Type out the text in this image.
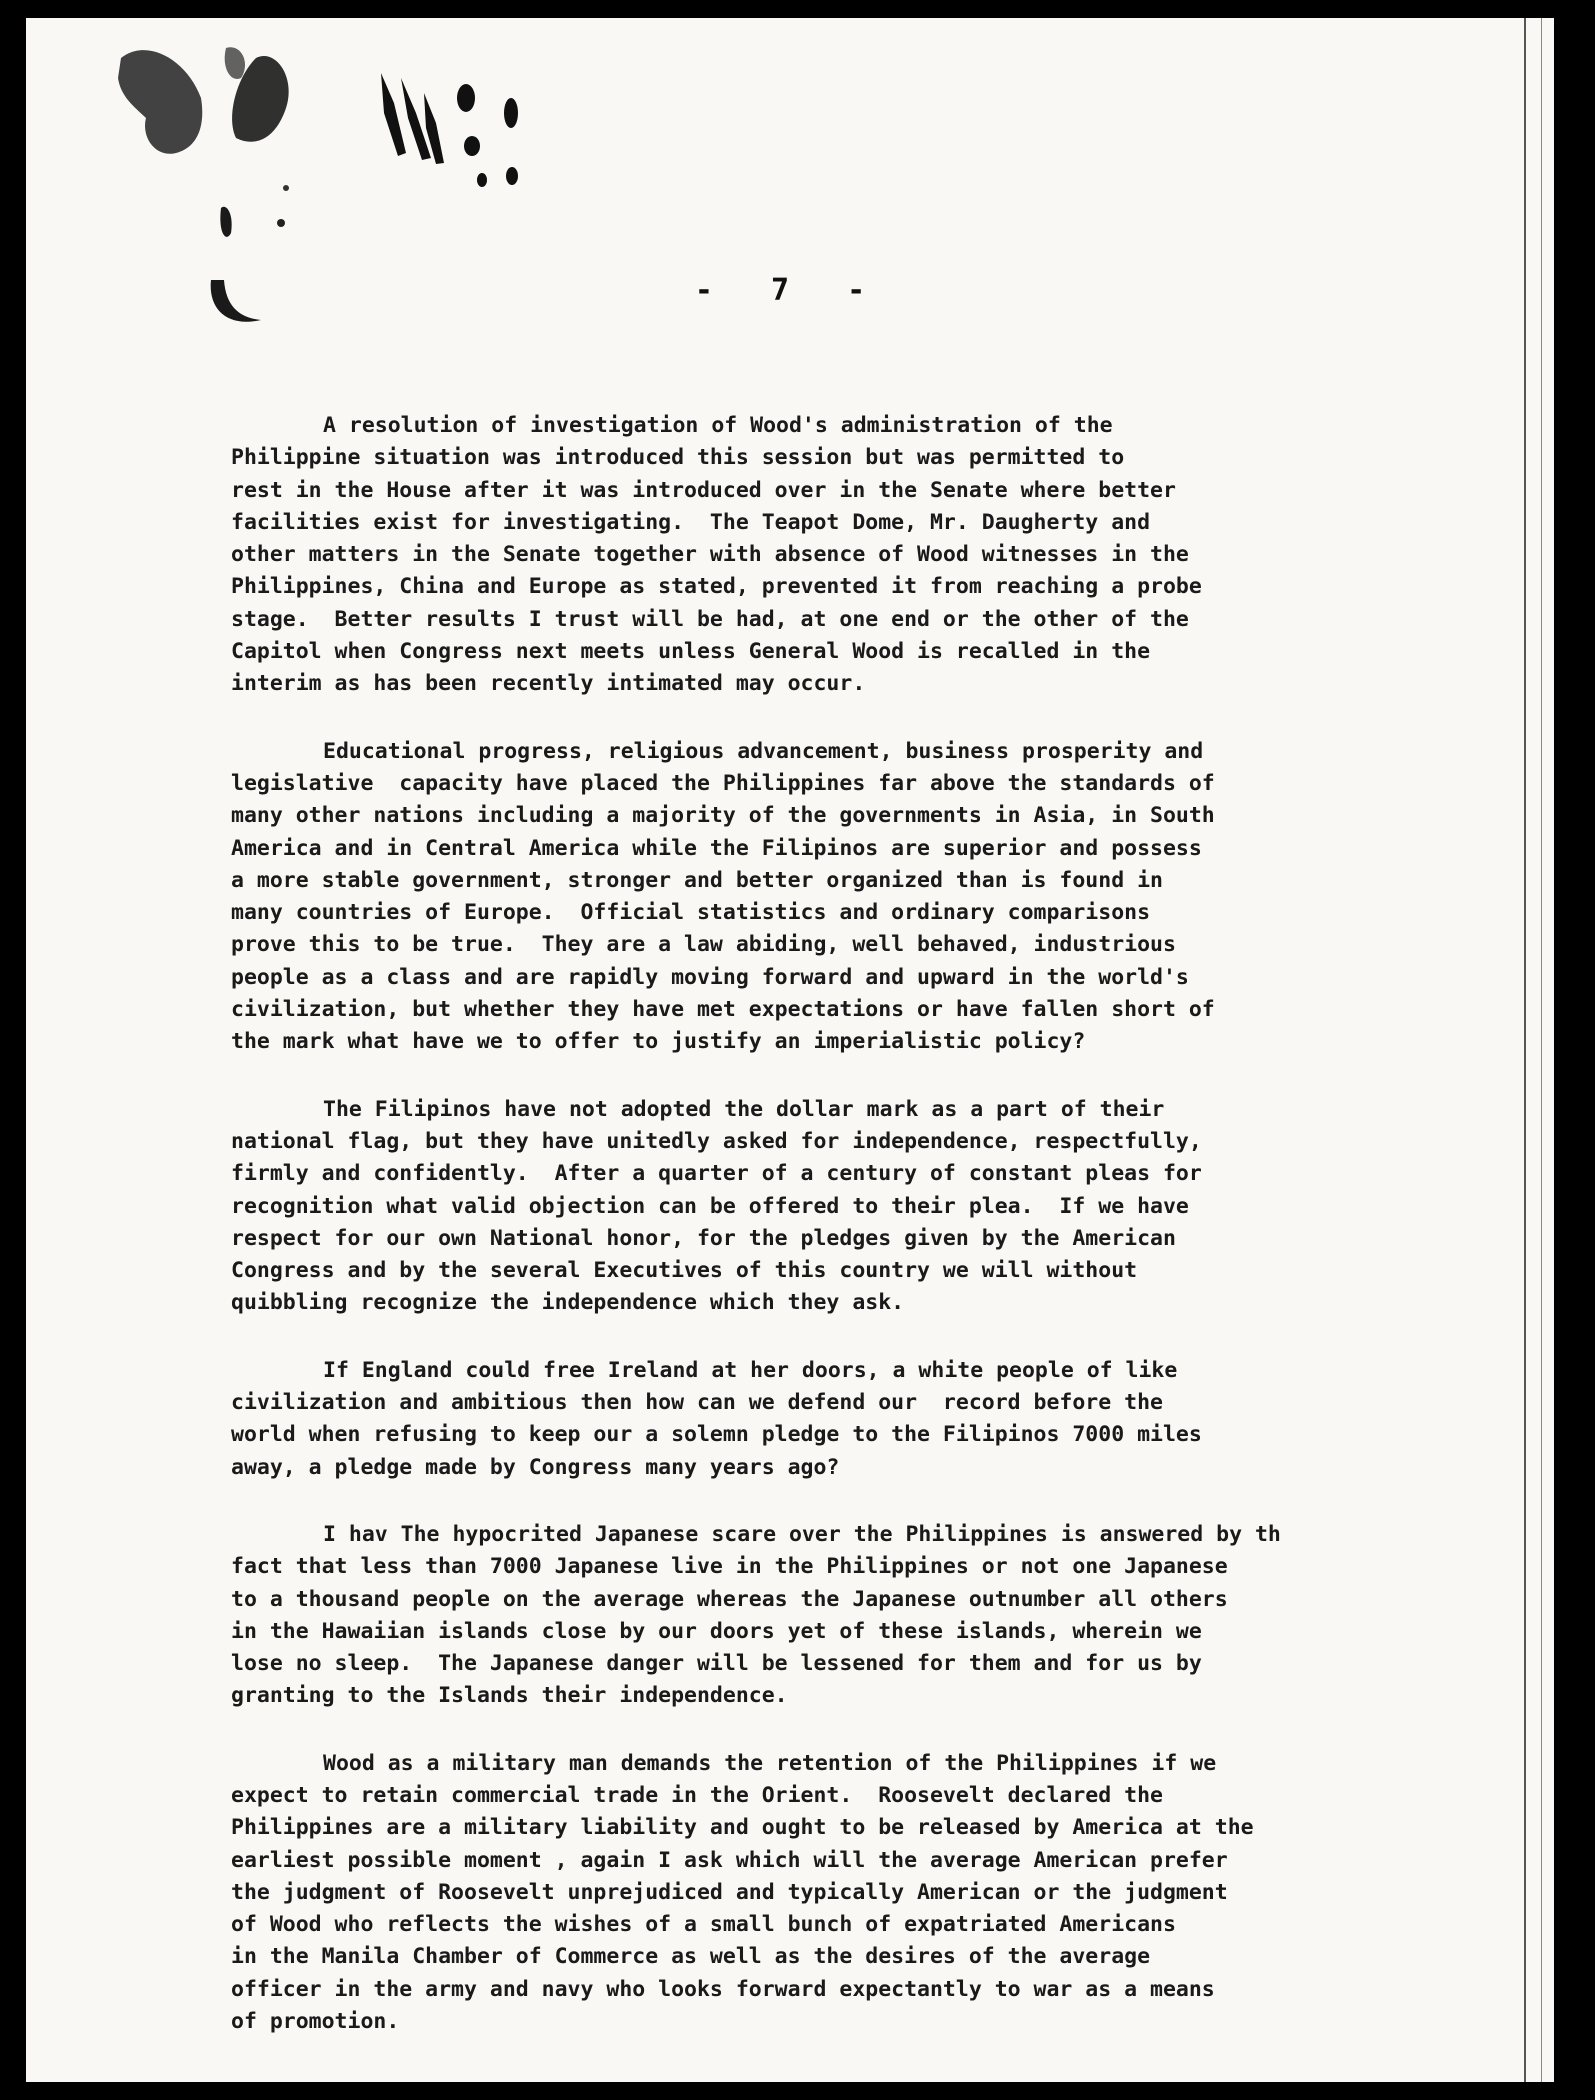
- 7 -
A resolution of investigation of Wood's administration of the
Philippine situation was introduced this session but was permitted to
rest in the House after it was introduced over in the Senate where better
facilities exist for investigating.  The Teapot Dome, Mr. Daugherty and
other matters in the Senate together with absence of Wood witnesses in the
Philippines, China and Europe as stated, prevented it from reaching a probe
stage.  Better results I trust will be had, at one end or the other of the
Capitol when Congress next meets unless General Wood is recalled in the
interim as has been recently intimated may occur.
Educational progress, religious advancement, business prosperity and
legislative  capacity have placed the Philippines far above the standards of
many other nations including a majority of the governments in Asia, in South
America and in Central America while the Filipinos are superior and possess
a more stable government, stronger and better organized than is found in
many countries of Europe.  Official statistics and ordinary comparisons
prove this to be true.  They are a law abiding, well behaved, industrious
people as a class and are rapidly moving forward and upward in the world's
civilization, but whether they have met expectations or have fallen short of
the mark what have we to offer to justify an imperialistic policy?
The Filipinos have not adopted the dollar mark as a part of their
national flag, but they have unitedly asked for independence, respectfully,
firmly and confidently.  After a quarter of a century of constant pleas for
recognition what valid objection can be offered to their plea.  If we have
respect for our own National honor, for the pledges given by the American
Congress and by the several Executives of this country we will without
quibbling recognize the independence which they ask.
If England could free Ireland at her doors, a white people of like
civilization and ambitious then how can we defend our  record before the
world when refusing to keep our a solemn pledge to the Filipinos 7000 miles
away, a pledge made by Congress many years ago?
I hav The hypocrited Japanese scare over the Philippines is answered by th
fact that less than 7000 Japanese live in the Philippines or not one Japanese
to a thousand people on the average whereas the Japanese outnumber all others
in the Hawaiian islands close by our doors yet of these islands, wherein we
lose no sleep.  The Japanese danger will be lessened for them and for us by
granting to the Islands their independence.
Wood as a military man demands the retention of the Philippines if we
expect to retain commercial trade in the Orient.  Roosevelt declared the
Philippines are a military liability and ought to be released by America at the
earliest possible moment , again I ask which will the average American prefer
the judgment of Roosevelt unprejudiced and typically American or the judgment
of Wood who reflects the wishes of a small bunch of expatriated Americans
in the Manila Chamber of Commerce as well as the desires of the average
officer in the army and navy who looks forward expectantly to war as a means
of promotion.
